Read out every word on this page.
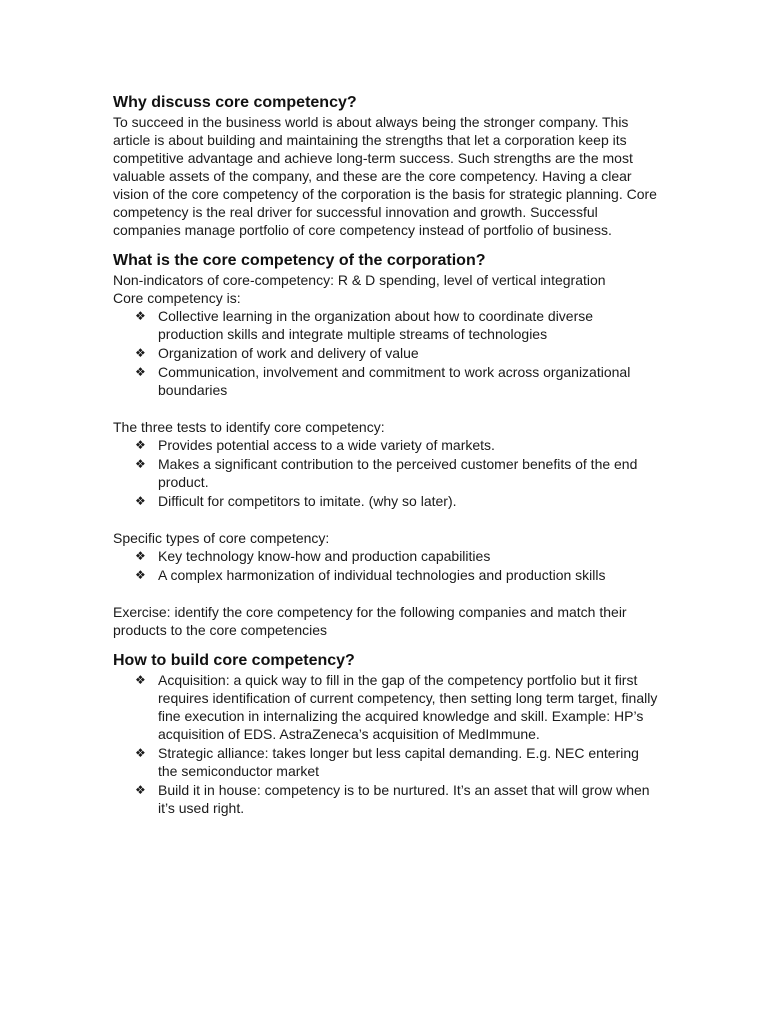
Why discuss core competency?

To succeed in the business world is about always being the stronger company. This article is about building and maintaining the strengths that let a corporation keep its competitive advantage and achieve long-term success. Such strengths are the most valuable assets of the company, and these are the core competency. Having a clear vision of the core competency of the corporation is the basis for strategic planning. Core competency is the real driver for successful innovation and growth. Successful companies manage portfolio of core competency instead of portfolio of business.

What is the core competency of the corporation?

Non-indicators of core-competency: R & D spending, level of vertical integration

Core competency is:

❖ Collective learning in the organization about how to coordinate diverse production skills and integrate multiple streams of technologies
❖ Organization of work and delivery of value
❖ Communication, involvement and commitment to work across organizational boundaries

The three tests to identify core competency:

❖ Provides potential access to a wide variety of markets.
❖ Makes a significant contribution to the perceived customer benefits of the end product.
❖ Difficult for competitors to imitate. (why so later).

Specific types of core competency:

❖ Key technology know-how and production capabilities
❖ A complex harmonization of individual technologies and production skills

Exercise: identify the core competency for the following companies and match their products to the core competencies

How to build core competency?
❖ Acquisition: a quick way to fill in the gap of the competency portfolio but it first requires identification of current competency, then setting long term target, finally fine execution in internalizing the acquired knowledge and skill. Example: HP’s acquisition of EDS. AstraZeneca’s acquisition of MedImmune.
❖ Strategic alliance: takes longer but less capital demanding. E.g. NEC entering the semiconductor market
❖ Build it in house: competency is to be nurtured. It’s an asset that will grow when it’s used right.
